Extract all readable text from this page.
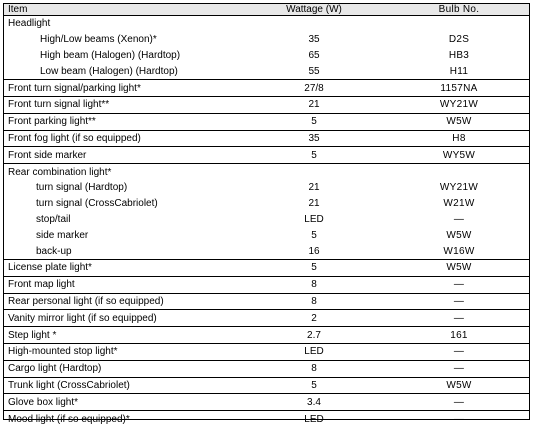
Item	Wattage (W)	Bulb No.
Headlight
High/Low beams (Xenon)*	35	D2S
High beam (Halogen) (Hardtop)	65	HB3
Low beam (Halogen) (Hardtop)	55	H11
Front turn signal/parking light*	27/8	1157NA
Front turn signal light**	21	WY21W
Front parking light**	5	W5W
Front fog light (if so equipped)	35	H8
Front side marker	5	WY5W
Rear combination light*
turn signal (Hardtop)	21	WY21W
turn signal (CrossCabriolet)	21	W21W
stop/tail	LED	—
side marker	5	W5W
back-up	16	W16W
License plate light*	5	W5W
Front map light	8	—
Rear personal light (if so equipped)	8	—
Vanity mirror light (if so equipped)	2	—
Step light *	2.7	161
High-mounted stop light*	LED	—
Cargo light (Hardtop)	8	—
Trunk light (CrossCabriolet)	5	W5W
Glove box light*	3.4	—
Mood light (if so equipped)*	LED	—
